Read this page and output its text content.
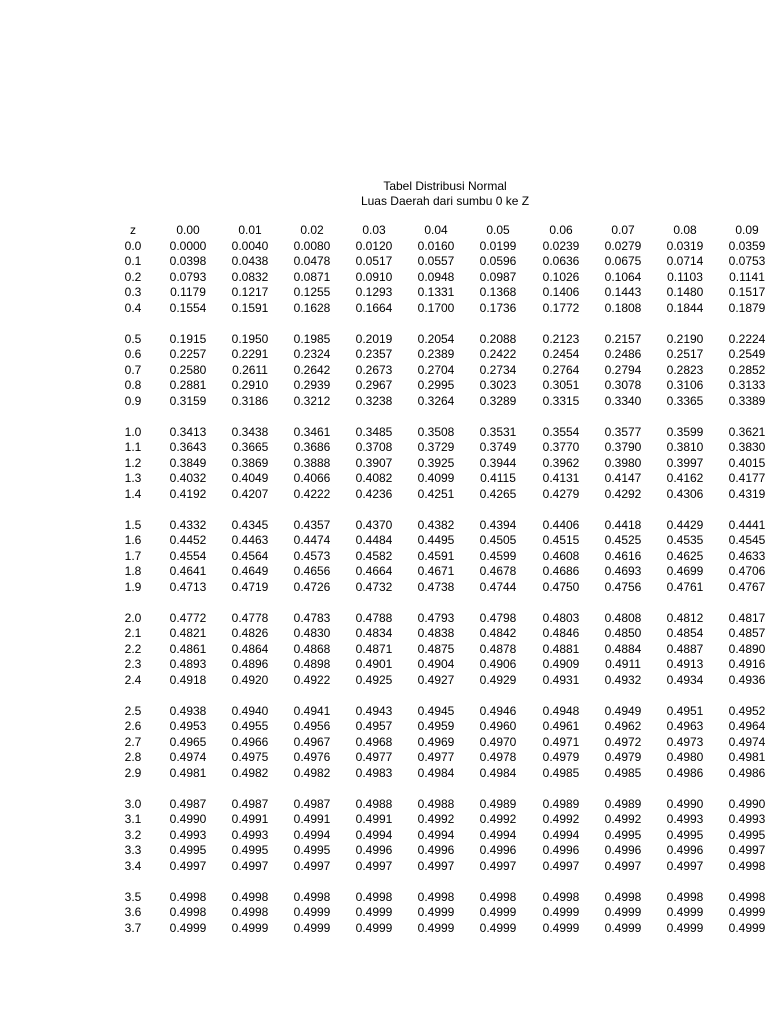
Tabel Distribusi Normal
Luas Daerah dari sumbu 0 ke Z
z	0.00	0.01	0.02	0.03	0.04	0.05	0.06	0.07	0.08	0.09
0.0	0.0000	0.0040	0.0080	0.0120	0.0160	0.0199	0.0239	0.0279	0.0319	0.0359
0.1	0.0398	0.0438	0.0478	0.0517	0.0557	0.0596	0.0636	0.0675	0.0714	0.0753
0.2	0.0793	0.0832	0.0871	0.0910	0.0948	0.0987	0.1026	0.1064	0.1103	0.1141
0.3	0.1179	0.1217	0.1255	0.1293	0.1331	0.1368	0.1406	0.1443	0.1480	0.1517
0.4	0.1554	0.1591	0.1628	0.1664	0.1700	0.1736	0.1772	0.1808	0.1844	0.1879
0.5	0.1915	0.1950	0.1985	0.2019	0.2054	0.2088	0.2123	0.2157	0.2190	0.2224
0.6	0.2257	0.2291	0.2324	0.2357	0.2389	0.2422	0.2454	0.2486	0.2517	0.2549
0.7	0.2580	0.2611	0.2642	0.2673	0.2704	0.2734	0.2764	0.2794	0.2823	0.2852
0.8	0.2881	0.2910	0.2939	0.2967	0.2995	0.3023	0.3051	0.3078	0.3106	0.3133
0.9	0.3159	0.3186	0.3212	0.3238	0.3264	0.3289	0.3315	0.3340	0.3365	0.3389
1.0	0.3413	0.3438	0.3461	0.3485	0.3508	0.3531	0.3554	0.3577	0.3599	0.3621
1.1	0.3643	0.3665	0.3686	0.3708	0.3729	0.3749	0.3770	0.3790	0.3810	0.3830
1.2	0.3849	0.3869	0.3888	0.3907	0.3925	0.3944	0.3962	0.3980	0.3997	0.4015
1.3	0.4032	0.4049	0.4066	0.4082	0.4099	0.4115	0.4131	0.4147	0.4162	0.4177
1.4	0.4192	0.4207	0.4222	0.4236	0.4251	0.4265	0.4279	0.4292	0.4306	0.4319
1.5	0.4332	0.4345	0.4357	0.4370	0.4382	0.4394	0.4406	0.4418	0.4429	0.4441
1.6	0.4452	0.4463	0.4474	0.4484	0.4495	0.4505	0.4515	0.4525	0.4535	0.4545
1.7	0.4554	0.4564	0.4573	0.4582	0.4591	0.4599	0.4608	0.4616	0.4625	0.4633
1.8	0.4641	0.4649	0.4656	0.4664	0.4671	0.4678	0.4686	0.4693	0.4699	0.4706
1.9	0.4713	0.4719	0.4726	0.4732	0.4738	0.4744	0.4750	0.4756	0.4761	0.4767
2.0	0.4772	0.4778	0.4783	0.4788	0.4793	0.4798	0.4803	0.4808	0.4812	0.4817
2.1	0.4821	0.4826	0.4830	0.4834	0.4838	0.4842	0.4846	0.4850	0.4854	0.4857
2.2	0.4861	0.4864	0.4868	0.4871	0.4875	0.4878	0.4881	0.4884	0.4887	0.4890
2.3	0.4893	0.4896	0.4898	0.4901	0.4904	0.4906	0.4909	0.4911	0.4913	0.4916
2.4	0.4918	0.4920	0.4922	0.4925	0.4927	0.4929	0.4931	0.4932	0.4934	0.4936
2.5	0.4938	0.4940	0.4941	0.4943	0.4945	0.4946	0.4948	0.4949	0.4951	0.4952
2.6	0.4953	0.4955	0.4956	0.4957	0.4959	0.4960	0.4961	0.4962	0.4963	0.4964
2.7	0.4965	0.4966	0.4967	0.4968	0.4969	0.4970	0.4971	0.4972	0.4973	0.4974
2.8	0.4974	0.4975	0.4976	0.4977	0.4977	0.4978	0.4979	0.4979	0.4980	0.4981
2.9	0.4981	0.4982	0.4982	0.4983	0.4984	0.4984	0.4985	0.4985	0.4986	0.4986
3.0	0.4987	0.4987	0.4987	0.4988	0.4988	0.4989	0.4989	0.4989	0.4990	0.4990
3.1	0.4990	0.4991	0.4991	0.4991	0.4992	0.4992	0.4992	0.4992	0.4993	0.4993
3.2	0.4993	0.4993	0.4994	0.4994	0.4994	0.4994	0.4994	0.4995	0.4995	0.4995
3.3	0.4995	0.4995	0.4995	0.4996	0.4996	0.4996	0.4996	0.4996	0.4996	0.4997
3.4	0.4997	0.4997	0.4997	0.4997	0.4997	0.4997	0.4997	0.4997	0.4997	0.4998
3.5	0.4998	0.4998	0.4998	0.4998	0.4998	0.4998	0.4998	0.4998	0.4998	0.4998
3.6	0.4998	0.4998	0.4999	0.4999	0.4999	0.4999	0.4999	0.4999	0.4999	0.4999
3.7	0.4999	0.4999	0.4999	0.4999	0.4999	0.4999	0.4999	0.4999	0.4999	0.4999
